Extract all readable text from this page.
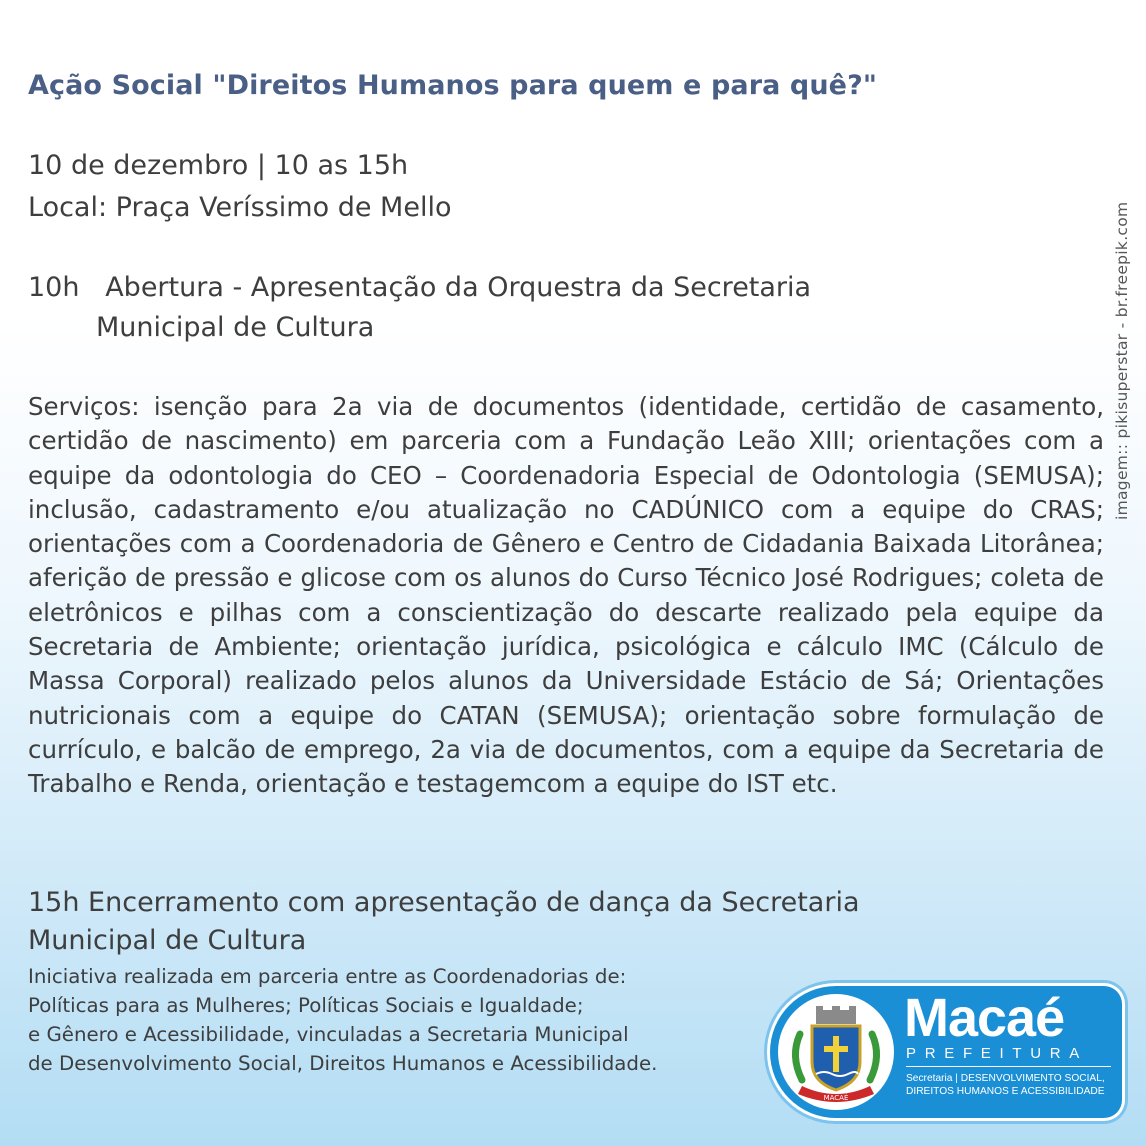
Ação Social "Direitos Humanos para quem e para quê?"
10 de dezembro | 10 as 15h
Local: Praça Veríssimo de Mello
10h   Abertura - Apresentação da Orquestra da Secretaria
Municipal de Cultura

Serviços: isenção para 2a via de documentos (identidade, certidão de casamento, certidão de nascimento) em parceria com a Fundação Leão XIII; orientações com a equipe da odontologia do CEO – Coordenadoria Especial de Odontologia (SEMUSA); inclusão, cadastramento e/ou atualização no CADÚNICO com a equipe do CRAS; orientações com a Coordenadoria de Gênero e Centro de Cidadania Baixada Litorânea; aferição de pressão e glicose com os alunos do Curso Técnico José Rodrigues; coleta de eletrônicos e pilhas com a conscientização do descarte realizado pela equipe da Secretaria de Ambiente; orientação jurídica, psicológica e cálculo IMC (Cálculo de Massa Corporal) realizado pelos alunos da Universidade Estácio de Sá; Orientações nutricionais com a equipe do CATAN (SEMUSA); orientação sobre formulação de currículo, e balcão de emprego, 2a via de documentos, com a equipe da Secretaria de Trabalho e Renda, orientação e testagemcom a equipe do IST etc.

15h Encerramento com apresentação de dança da Secretaria
Municipal de Cultura

Iniciativa realizada em parceria entre as Coordenadorias de:
Políticas para as Mulheres; Políticas Sociais e Igualdade;
e Gênero e Acessibilidade, vinculadas a Secretaria Municipal
de Desenvolvimento Social, Direitos Humanos e Acessibilidade.

imagem:: pikisuperstar - br.freepik.com
MACAÉ
Macaé
PREFEITURA
Secretaria | DESENVOLVIMENTO SOCIAL,
DIREITOS HUMANOS E ACESSIBILIDADE
